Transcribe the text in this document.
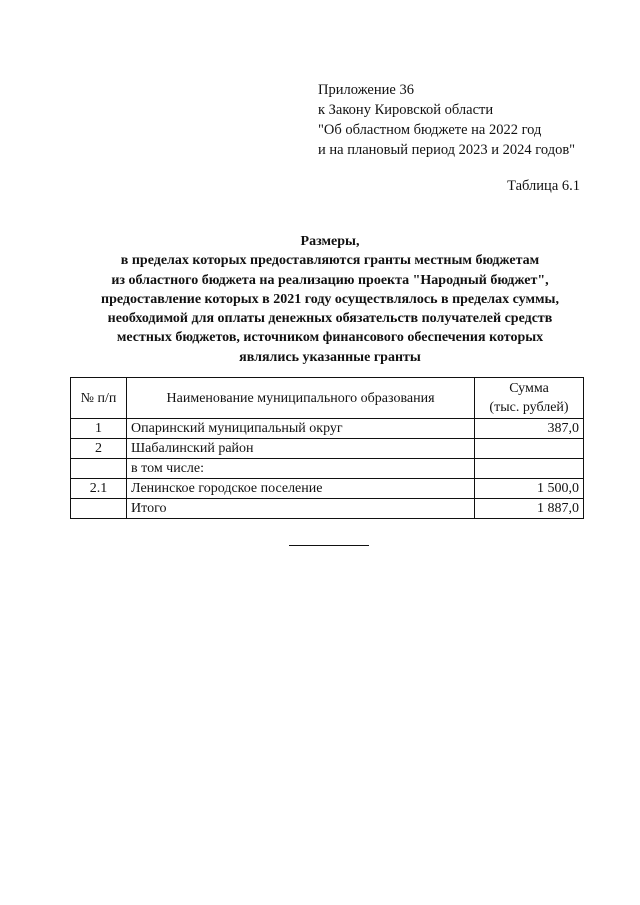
Приложение 36
к Закону Кировской области
"Об областном бюджете на 2022 год
и на плановый период 2023 и 2024 годов"
Таблица 6.1
Размеры,
в пределах которых предоставляются гранты местным бюджетам
из областного бюджета на реализацию проекта "Народный бюджет",
предоставление которых в 2021 году осуществлялось в пределах суммы,
необходимой для оплаты денежных обязательств получателей средств
местных бюджетов, источником финансового обеспечения которых
являлись указанные гранты
№ п/п	Наименование муниципального образования	Сумма
(тыс. рублей)

1	Опаринский муниципальный округ	387,0
2	Шабалинский район	
	в том числе:	
2.1	Ленинское городское поселение	1 500,0
	Итого	1 887,0
